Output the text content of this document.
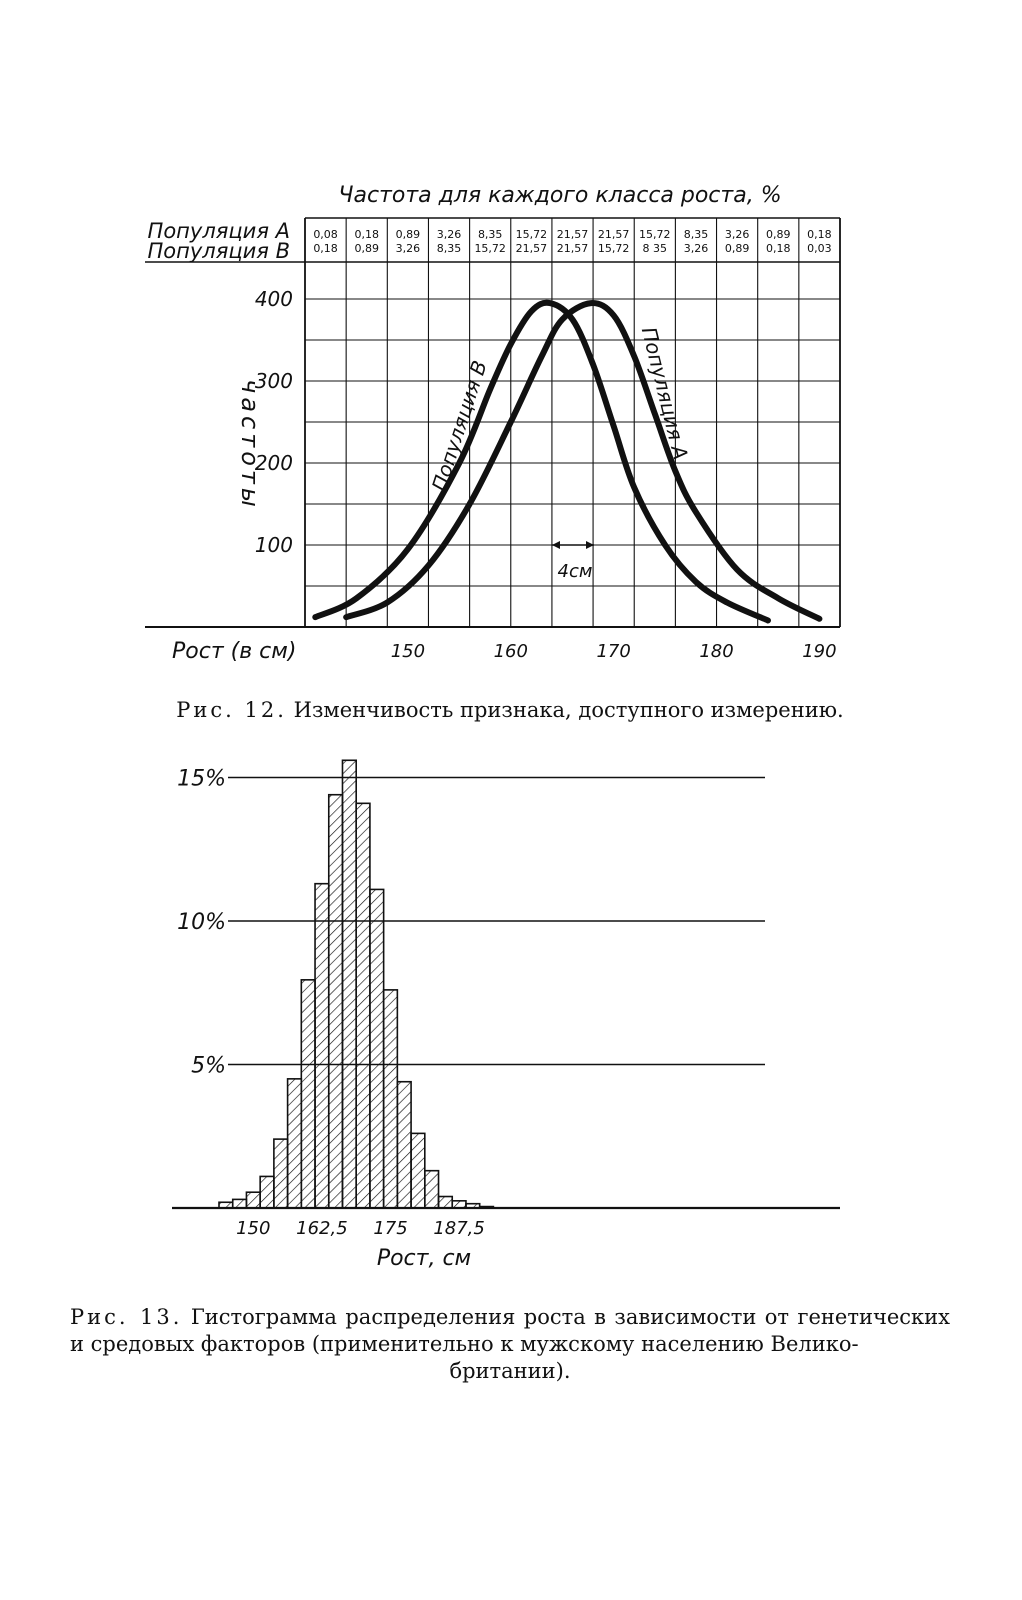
Частота для каждого класса роста, %
Популяция А
Популяция В
0,08 0,18 0,89 3,26 8,35 15,72 21,57 21,57 15,72 8,35 3,26 0,89 0,18
0,18 0,89 3,26 8,35 15,72 21,57 21,57 15,72 8 35 3,26 0,89 0,18 0,03
100
200
300
400
150	160	170	180	190
частоты
Рост (в см)
Популяция В	Популяция А
4см
Рис. 12. Изменчивость признака, доступного измерению.
5%
10%
15%
150 162,5 175 187,5
Рост, см
Рис. 13. Гистограмма распределения роста в зависимости от генетических и средовых факторов (применительно к мужскому населению Велико-
британии).
